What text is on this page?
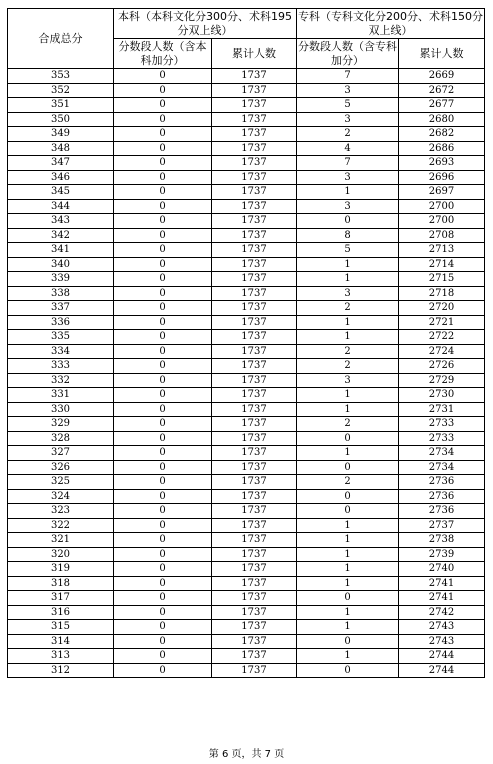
合成总分	本科（本科文化分300分、术科195分双上线）		专科（专科文化分200分、术科150分双上线）	
	分数段人数（含本科加分）	累计人数	分数段人数（含专科加分）	累计人数
353	0	1737	7	2669
352	0	1737	3	2672
351	0	1737	5	2677
350	0	1737	3	2680
349	0	1737	2	2682
348	0	1737	4	2686
347	0	1737	7	2693
346	0	1737	3	2696
345	0	1737	1	2697
344	0	1737	3	2700
343	0	1737	0	2700
342	0	1737	8	2708
341	0	1737	5	2713
340	0	1737	1	2714
339	0	1737	1	2715
338	0	1737	3	2718
337	0	1737	2	2720
336	0	1737	1	2721
335	0	1737	1	2722
334	0	1737	2	2724
333	0	1737	2	2726
332	0	1737	3	2729
331	0	1737	1	2730
330	0	1737	1	2731
329	0	1737	2	2733
328	0	1737	0	2733
327	0	1737	1	2734
326	0	1737	0	2734
325	0	1737	2	2736
324	0	1737	0	2736
323	0	1737	0	2736
322	0	1737	1	2737
321	0	1737	1	2738
320	0	1737	1	2739
319	0	1737	1	2740
318	0	1737	1	2741
317	0	1737	0	2741
316	0	1737	1	2742
315	0	1737	1	2743
314	0	1737	0	2743
313	0	1737	1	2744
312	0	1737	0	2744
第 6 页，共 7 页
